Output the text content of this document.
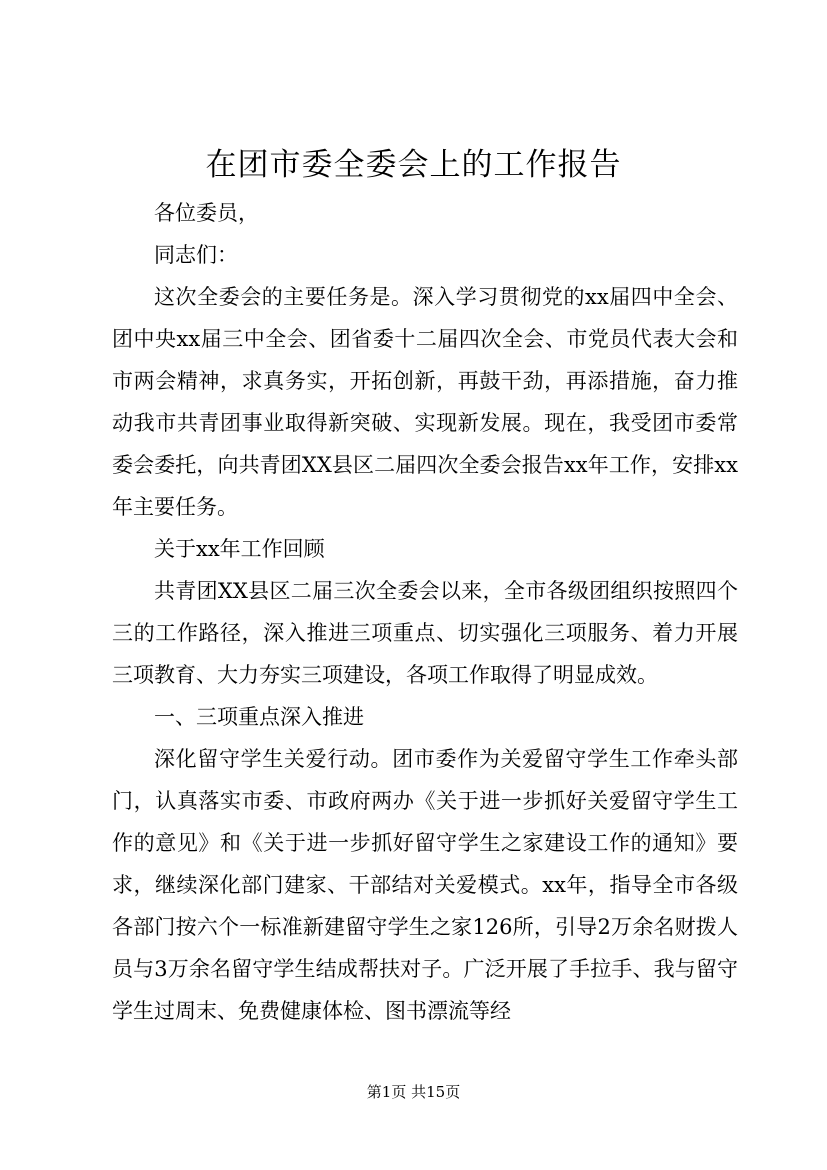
在团市委全委会上的工作报告

各位委员，

同志们：

这次全委会的主要任务是。深入学习贯彻党的xx届四中全会、团中央xx届三中全会、团省委十二届四次全会、市党员代表大会和市两会精神，求真务实，开拓创新，再鼓干劲，再添措施，奋力推动我市共青团事业取得新突破、实现新发展。现在，我受团市委常委会委托，向共青团XX县区二届四次全委会报告xx年工作，安排xx年主要任务。

关于xx年工作回顾

共青团XX县区二届三次全委会以来，全市各级团组织按照四个三的工作路径，深入推进三项重点、切实强化三项服务、着力开展三项教育、大力夯实三项建设，各项工作取得了明显成效。

一、三项重点深入推进

深化留守学生关爱行动。团市委作为关爱留守学生工作牵头部门，认真落实市委、市政府两办《关于进一步抓好关爱留守学生工作的意见》和《关于进一步抓好留守学生之家建设工作的通知》要求，继续深化部门建家、干部结对关爱模式。xx年，指导全市各级各部门按六个一标准新建留守学生之家126所，引导2万余名财拨人员与3万余名留守学生结成帮扶对子。广泛开展了手拉手、我与留守学生过周末、免费健康体检、图书漂流等经

第1页 共15页
